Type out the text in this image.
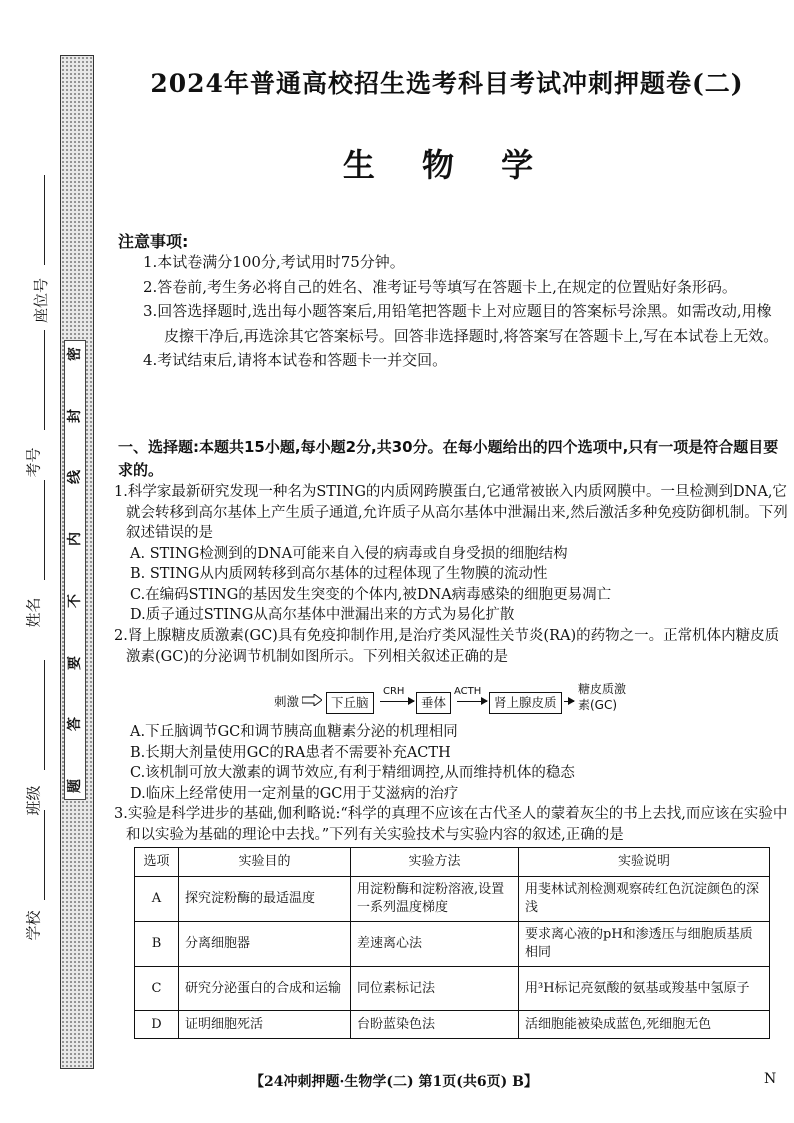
密
封
线
内
不
要
答
题
学校
班级
姓名
考号
座位号
2024年普通高校招生选考科目考试冲刺押题卷(二)
生 物 学
注意事项:

1.本试卷满分100分,考试用时75分钟。

2.答卷前,考生务必将自己的姓名、准考证号等填写在答题卡上,在规定的位置贴好条形码。

3.回答选择题时,选出每小题答案后,用铅笔把答题卡上对应题目的答案标号涂黑。如需改动,用橡皮擦干净后,再选涂其它答案标号。回答非选择题时,将答案写在答题卡上,写在本试卷上无效。

4.考试结束后,请将本试卷和答题卡一并交回。

一、选择题:本题共15小题,每小题2分,共30分。在每小题给出的四个选项中,只有一项是符合题目要求的。

1.科学家最新研究发现一种名为STING的内质网跨膜蛋白,它通常被嵌入内质网膜中。一旦检测到DNA,它就会转移到高尔基体上产生质子通道,允许质子从高尔基体中泄漏出来,然后激活多种免疫防御机制。下列叙述错误的是

A. STING检测到的DNA可能来自入侵的病毒或自身受损的细胞结构

B. STING从内质网转移到高尔基体的过程体现了生物膜的流动性

C.在编码STING的基因发生突变的个体内,被DNA病毒感染的细胞更易凋亡

D.质子通过STING从高尔基体中泄漏出来的方式为易化扩散

2.肾上腺糖皮质激素(GC)具有免疫抑制作用,是治疗类风湿性关节炎(RA)的药物之一。正常机体内糖皮质激素(GC)的分泌调节机制如图所示。下列相关叙述正确的是

刺激	下丘脑
CRH
垂体
ACTH
肾上腺皮质
糖皮质激
素(GC)

A.下丘脑调节GC和调节胰高血糖素分泌的机理相同

B.长期大剂量使用GC的RA患者不需要补充ACTH

C.该机制可放大激素的调节效应,有利于精细调控,从而维持机体的稳态

D.临床上经常使用一定剂量的GC用于艾滋病的治疗

3.实验是科学进步的基础,伽利略说:“科学的真理不应该在古代圣人的蒙着灰尘的书上去找,而应该在实验中和以实验为基础的理论中去找。”下列有关实验技术与实验内容的叙述,正确的是

选项	实验目的	实验方法	实验说明
A	探究淀粉酶的最适温度	用淀粉酶和淀粉溶液,设置一系列温度梯度	用斐林试剂检测观察砖红色沉淀颜色的深浅
B	分离细胞器	差速离心法	要求离心液的pH和渗透压与细胞质基质相同
C	研究分泌蛋白的合成和运输	同位素标记法	用³H标记亮氨酸的氨基或羧基中氢原子
D	证明细胞死活	台盼蓝染色法	活细胞能被染成蓝色,死细胞无色
【24冲刺押题·生物学(二) 第1页(共6页) B】	N
